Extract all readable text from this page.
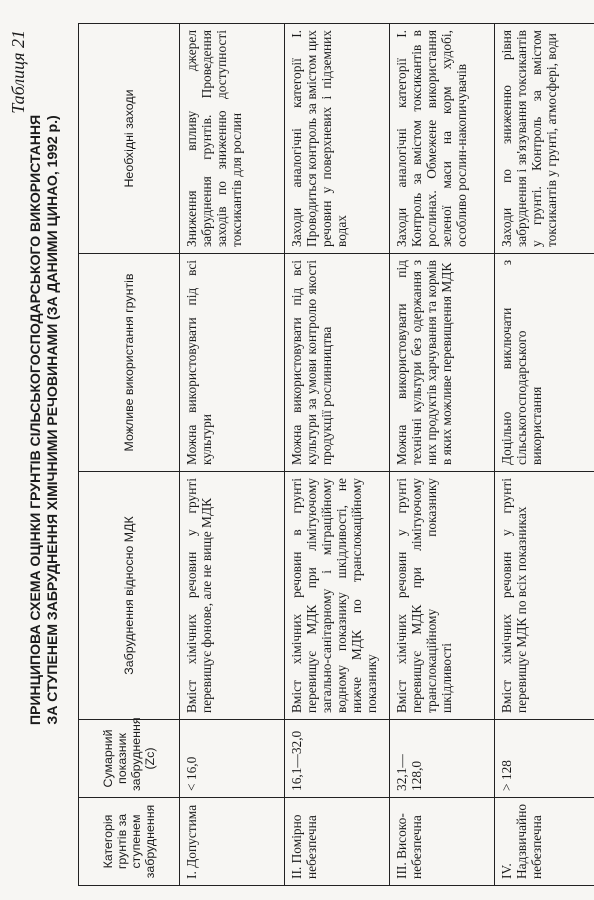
Таблиця 21
ПРИНЦИПОВА СХЕМА ОЦІНКИ ГРУНТІВ СІЛЬСЬКОГОСПОДАРСЬКОГО ВИКОРИСТАННЯ ЗА СТУПЕНЕМ ЗАБРУДНЕННЯ ХІМІЧНИМИ РЕЧОВИНАМИ (ЗА ДАНИМИ ЦИНАО, 1992 р.)
Категорія грунтів за ступенем забруднення	Сумарний показник забруднення (Zc)	Забруднення відносно МДК	Можливе використання грунтів	Необхідні заходи
І. Допустима	< 16,0	Вміст хімічних речовин у грунті перевищує фонове, але не вище МДК	Можна використовувати під всі культури	Зниження впливу джерел забруднення грунтів. Проведення заходів по зниженню доступності токсикантів для рослин
ІІ. Помірно небезпечна	16,1—32,0	Вміст хімічних речовин в грунті перевищує МДК при лімітуючому загально-санітарному і міграційному водному показнику шкідливості, не нижче МДК по транслокаційному показнику	Можна використовувати під всі культури за умови контролю якості продукції рослинництва	Заходи аналогічні категорії І. Проводиться контроль за вмістом цих речовин у поверхневих і підземних водах
ІІІ. Високо-небезпечна	32,1—128,0	Вміст хімічних речовин у грунті перевищує МДК при лімітуючому транслокаційному показнику шкідливості	Можна використовувати під технічні культури без одержання з них продуктів харчування та кормів в яких можливе перевищення МДК	Заходи аналогічні категорії І. Контроль за вмістом токсикантів в рослинах. Обмежене використання зеленої маси на корм худобі, особливо рослин-накопичувачів
IV. Надзвичайно небезпечна	> 128	Вміст хімічних речовин у грунті перевищує МДК по всіх показниках	Доцільно виключати з сільськогосподарського використання	Заходи по зниженню рівня забруднення і зв'язування токсикантів у грунті. Контроль за вмістом токсикантів у грунті, атмосфері, води
